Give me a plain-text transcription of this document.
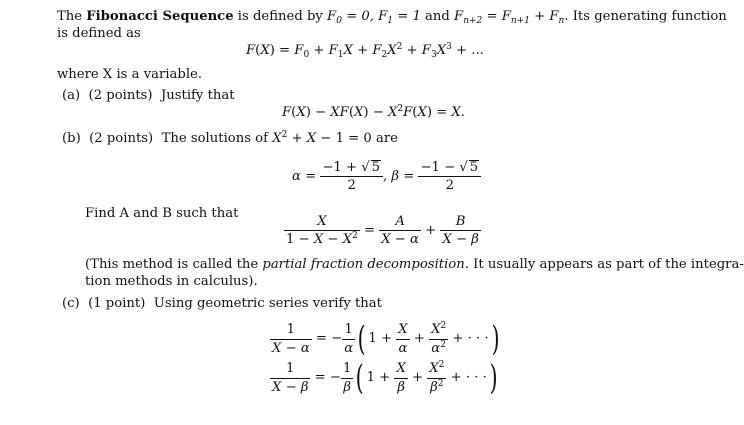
The Fibonacci Sequence is defined by $F_0 = 0$, $F_1 = 1$ and $F_{n+2} = F_{n+1} + F_n$. Its generating function
is defined as
$F(X) = F_0 + F_1X + F_2X^2 + F_3X^3$ + ...
where X is a variable.
(a) (2 points) Justify that
$F(X) - XF(X) - X^2F(X) = X$.
(b) (2 points) The solutions of $X^2 + X - 1 = 0$ are
$\alpha = \frac{-1 + √ 5}{2}$ , $\beta = \frac{-1 - √ 5}{2}$
Find A and B such that
$\frac{X}{1 - X - X^2} = \frac{A}{X - \alpha} + \frac{B}{X - \beta}$
(This method is called the partial fraction decomposition. It usually appears as part of the integra-
tion methods in calculus).
(c) (1 point) Using geometric series verify that
$\frac{1}{X - \alpha}$ = − $\frac{1}{\alpha}$ ( $1 + \frac{X}{\alpha} + \frac{X^2}{\alpha^2}$ + · · ·)
$\frac{1}{X - \beta}$ = − $\frac{1}{\beta}$ ( $1 + \frac{X}{\beta} + \frac{X^2}{\beta^2}$ + · · ·)
